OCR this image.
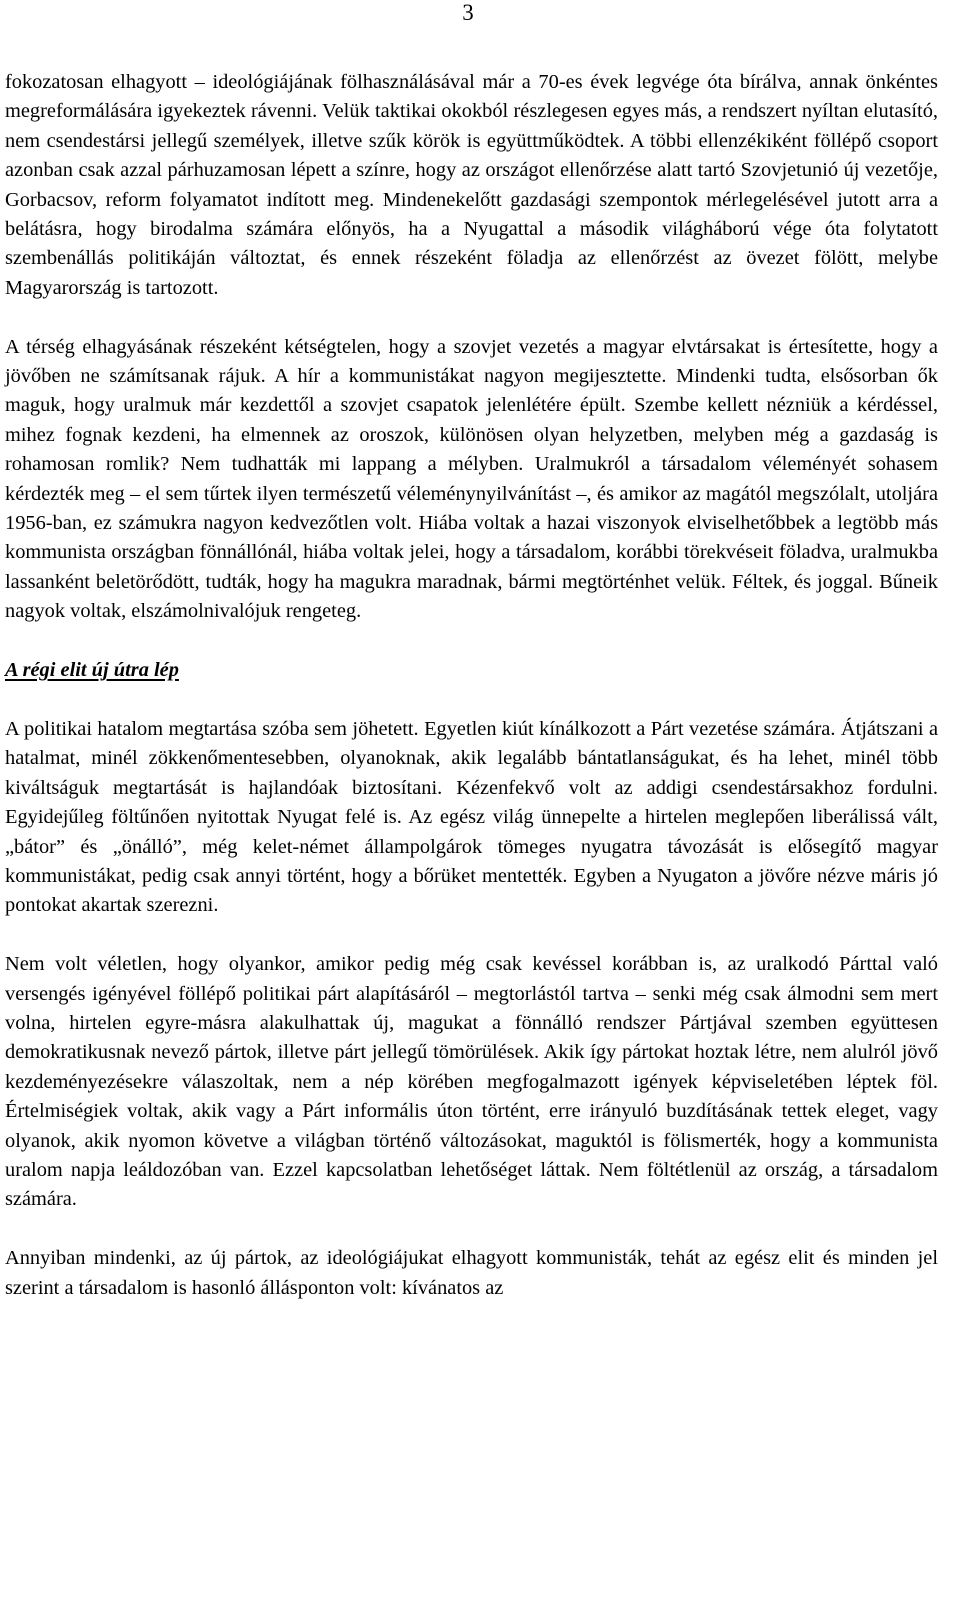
3

fokozatosan elhagyott – ideológiájának fölhasználásával már a 70-es évek legvége óta bírálva, annak önkéntes megreformálására igyekeztek rávenni. Velük taktikai okokból részlegesen egyes más, a rendszert nyíltan elutasító, nem csendestársi jellegű személyek, illetve szűk körök is együttműködtek. A többi ellenzékiként föllépő csoport azonban csak azzal párhuzamosan lépett a színre, hogy az országot ellenőrzése alatt tartó Szovjetunió új vezetője, Gorbacsov, reform folyamatot indított meg. Mindenekelőtt gazdasági szempontok mérlegelésével jutott arra a belátásra, hogy birodalma számára előnyös, ha a Nyugattal a második világháború vége óta folytatott szembenállás politikáján változtat, és ennek részeként föladja az ellenőrzést az övezet fölött, melybe Magyarország is tartozott.

A térség elhagyásának részeként kétségtelen, hogy a szovjet vezetés a magyar elvtársakat is értesítette, hogy a jövőben ne számítsanak rájuk. A hír a kommunistákat nagyon megijesztette. Mindenki tudta, elsősorban ők maguk, hogy uralmuk már kezdettől a szovjet csapatok jelenlétére épült. Szembe kellett nézniük a kérdéssel, mihez fognak kezdeni, ha elmennek az oroszok, különösen olyan helyzetben, melyben még a gazdaság is rohamosan romlik? Nem tudhatták mi lappang a mélyben. Uralmukról a társadalom véleményét sohasem kérdezték meg – el sem tűrtek ilyen természetű véleménynyilvánítást –, és amikor az magától megszólalt, utoljára 1956-ban, ez számukra nagyon kedvezőtlen volt. Hiába voltak a hazai viszonyok elviselhetőbbek a legtöbb más kommunista országban fönnállónál, hiába voltak jelei, hogy a társadalom, korábbi törekvéseit föladva, uralmukba lassanként beletörődött, tudták, hogy ha magukra maradnak, bármi megtörténhet velük. Féltek, és joggal. Bűneik nagyok voltak, elszámolnivalójuk rengeteg.

A régi elit új útra lép

A politikai hatalom megtartása szóba sem jöhetett. Egyetlen kiút kínálkozott a Párt vezetése számára. Átjátszani a hatalmat, minél zökkenőmentesebben, olyanoknak, akik legalább bántatlanságukat, és ha lehet, minél több kiváltságuk megtartását is hajlandóak biztosítani. Kézenfekvő volt az addigi csendestársakhoz fordulni. Egyidejűleg föltűnően nyitottak Nyugat felé is. Az egész világ ünnepelte a hirtelen meglepően liberálissá vált, „bátor” és „önálló”, még kelet-német állampolgárok tömeges nyugatra távozását is elősegítő magyar kommunistákat, pedig csak annyi történt, hogy a bőrüket mentették. Egyben a Nyugaton a jövőre nézve máris jó pontokat akartak szerezni.

Nem volt véletlen, hogy olyankor, amikor pedig még csak kevéssel korábban is, az uralkodó Párttal való versengés igényével föllépő politikai párt alapításáról – megtorlástól tartva – senki még csak álmodni sem mert volna, hirtelen egyre-másra alakulhattak új, magukat a fönnálló rendszer Pártjával szemben együttesen demokratikusnak nevező pártok, illetve párt jellegű tömörülések. Akik így pártokat hoztak létre, nem alulról jövő kezdeményezésekre válaszoltak, nem a nép körében megfogalmazott igények képviseletében léptek föl. Értelmiségiek voltak, akik vagy a Párt informális úton történt, erre irányuló buzdításának tettek eleget, vagy olyanok, akik nyomon követve a világban történő változásokat, maguktól is fölismerték, hogy a kommunista uralom napja leáldozóban van. Ezzel kapcsolatban lehetőséget láttak. Nem föltétlenül az ország, a társadalom számára.

Annyiban mindenki, az új pártok, az ideológiájukat elhagyott kommunisták, tehát az egész elit és minden jel szerint a társadalom is hasonló állásponton volt: kívánatos az
